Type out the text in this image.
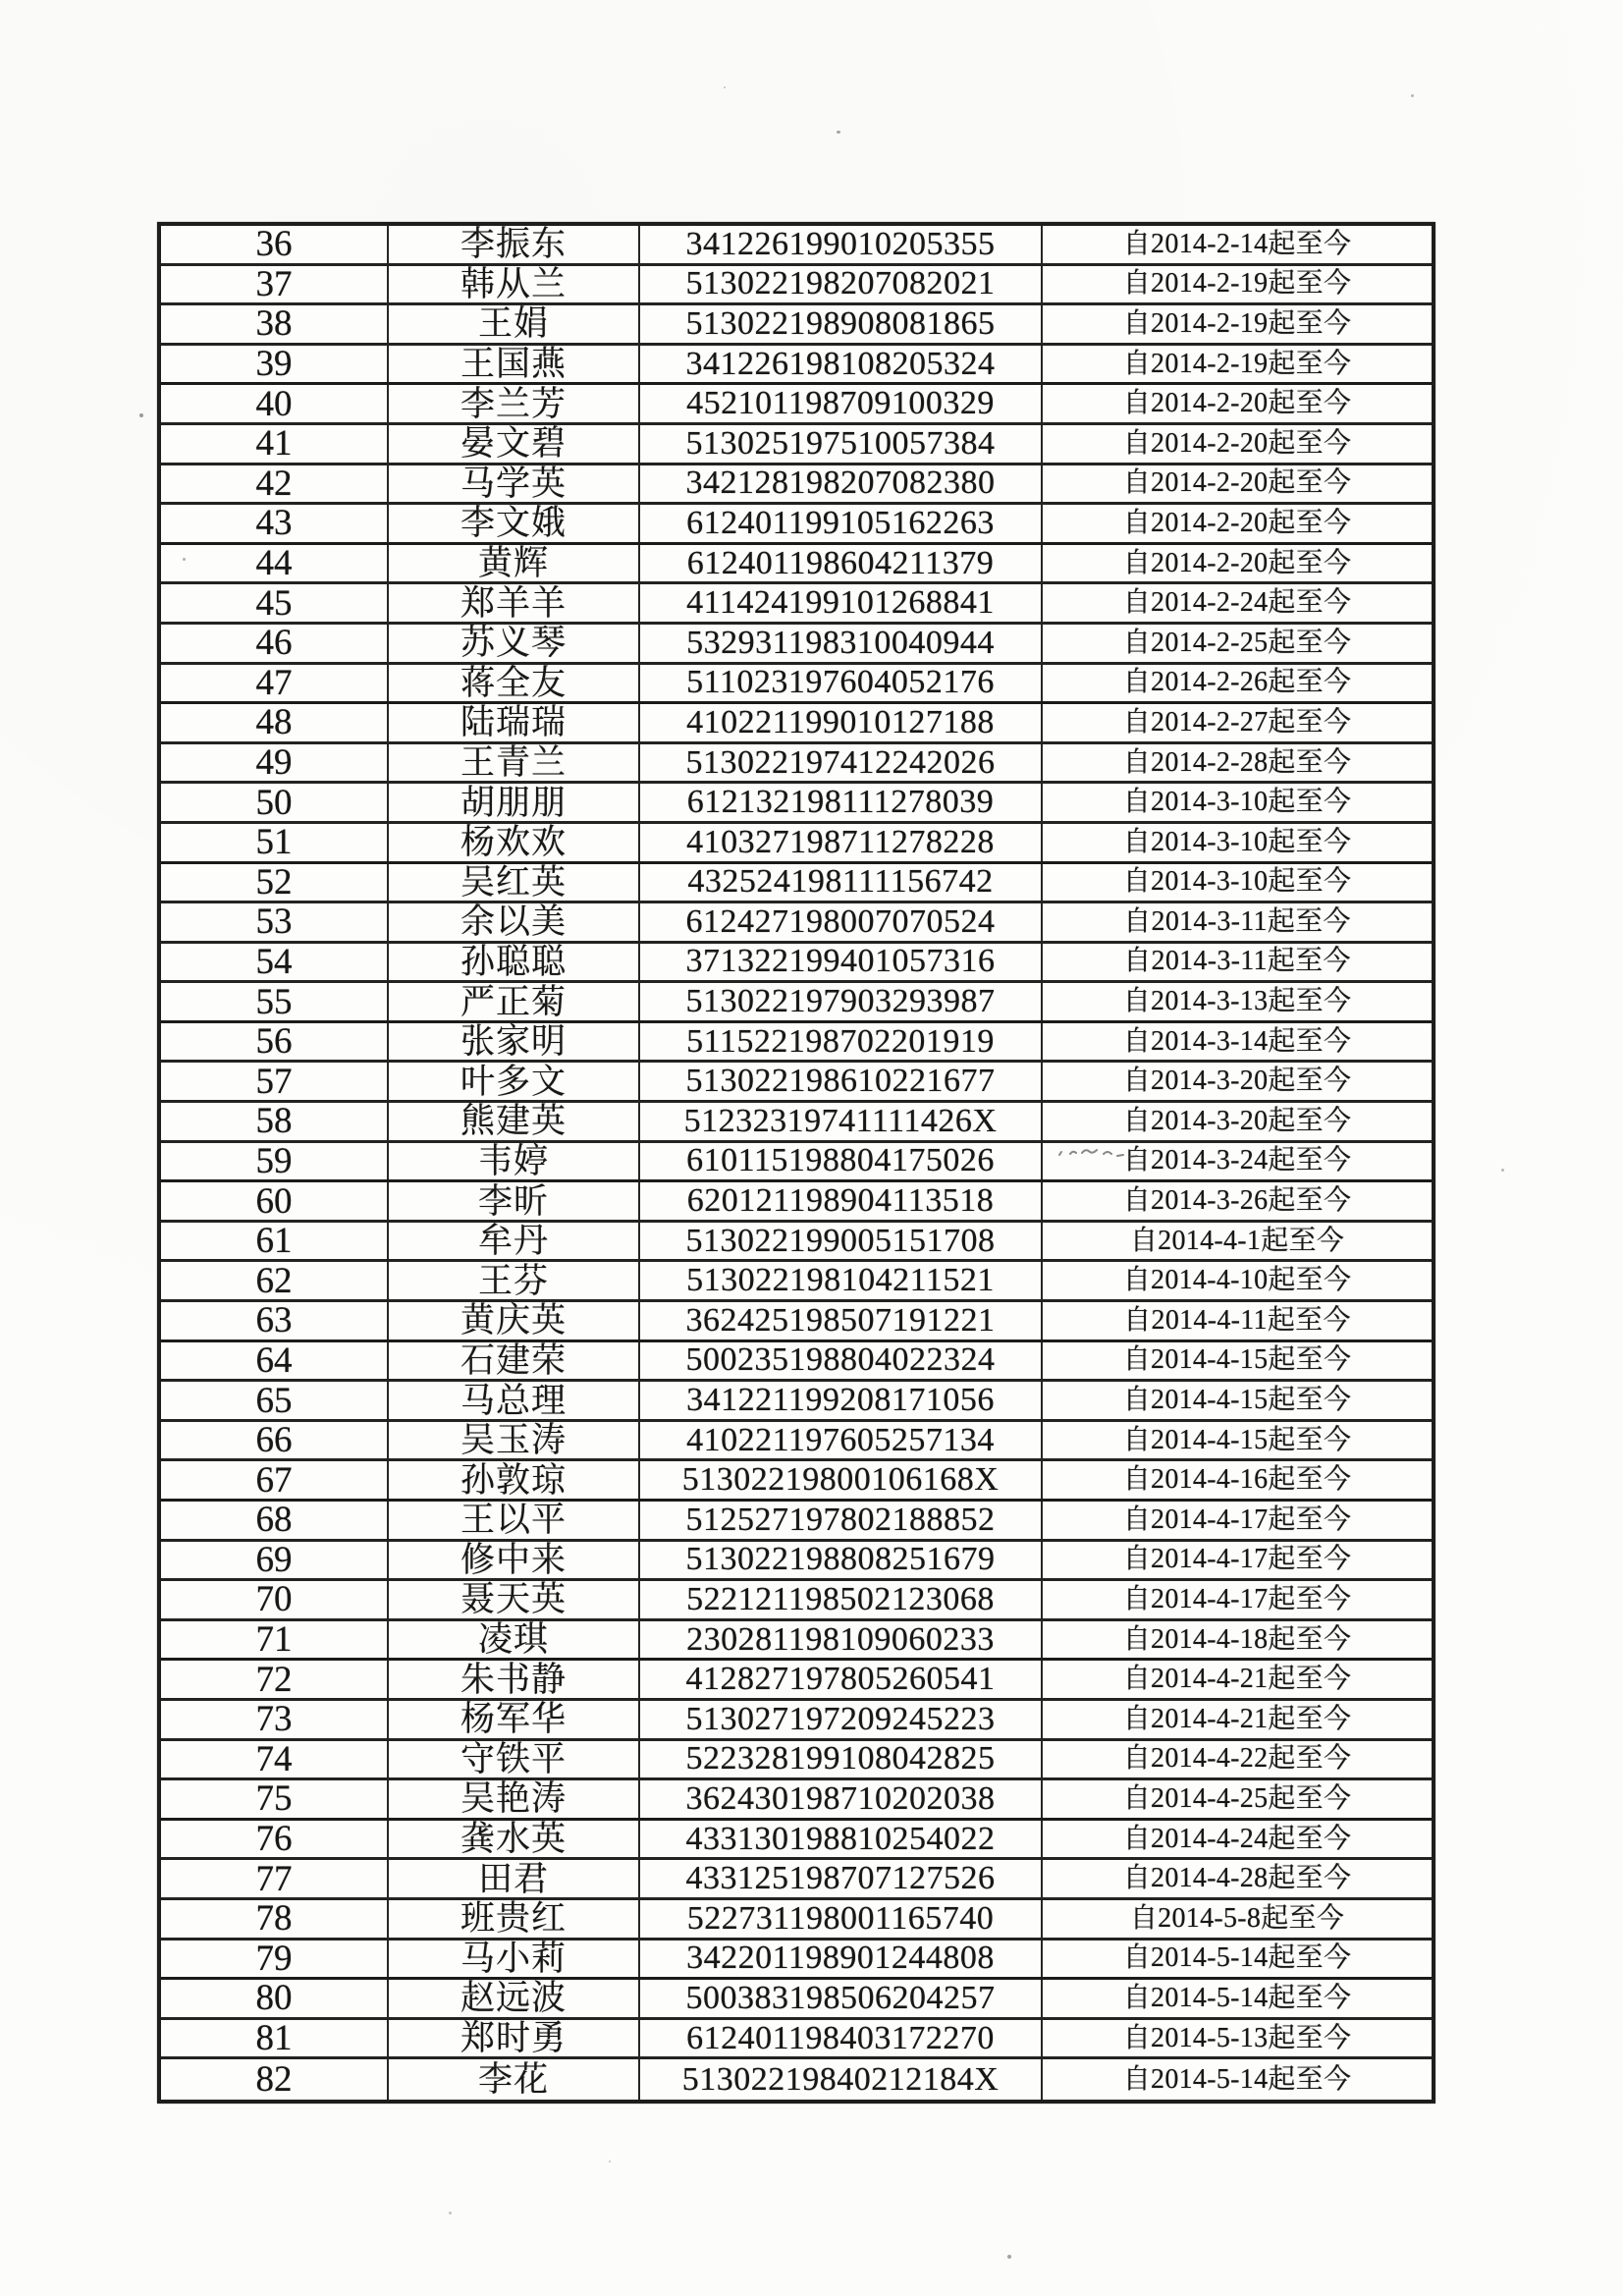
36	李振东	341226199010205355	自2014-2-14起至今
37	韩从兰	513022198207082021	自2014-2-19起至今
38	王娟	513022198908081865	自2014-2-19起至今
39	王国燕	341226198108205324	自2014-2-19起至今
40	李兰芳	452101198709100329	自2014-2-20起至今
41	晏文碧	513025197510057384	自2014-2-20起至今
42	马学英	342128198207082380	自2014-2-20起至今
43	李文娥	612401199105162263	自2014-2-20起至今
44	黄辉	612401198604211379	自2014-2-20起至今
45	郑羊羊	411424199101268841	自2014-2-24起至今
46	苏义琴	532931198310040944	自2014-2-25起至今
47	蒋全友	511023197604052176	自2014-2-26起至今
48	陆瑞瑞	410221199010127188	自2014-2-27起至今
49	王青兰	513022197412242026	自2014-2-28起至今
50	胡朋朋	612132198111278039	自2014-3-10起至今
51	杨欢欢	410327198711278228	自2014-3-10起至今
52	吴红英	432524198111156742	自2014-3-10起至今
53	余以美	612427198007070524	自2014-3-11起至今
54	孙聪聪	371322199401057316	自2014-3-11起至今
55	严正菊	513022197903293987	自2014-3-13起至今
56	张家明	511522198702201919	自2014-3-14起至今
57	叶多文	513022198610221677	自2014-3-20起至今
58	熊建英	51232319741111426X	自2014-3-20起至今
59	韦婷	610115198804175026	自2014-3-24起至今
60	李昕	620121198904113518	自2014-3-26起至今
61	牟丹	513022199005151708	自2014-4-1起至今
62	王芬	513022198104211521	自2014-4-10起至今
63	黄庆英	362425198507191221	自2014-4-11起至今
64	石建荣	500235198804022324	自2014-4-15起至今
65	马总理	341221199208171056	自2014-4-15起至今
66	吴玉涛	410221197605257134	自2014-4-15起至今
67	孙敦琼	51302219800106168X	自2014-4-16起至今
68	王以平	512527197802188852	自2014-4-17起至今
69	修中来	513022198808251679	自2014-4-17起至今
70	聂天英	522121198502123068	自2014-4-17起至今
71	凌琪	230281198109060233	自2014-4-18起至今
72	朱书静	412827197805260541	自2014-4-21起至今
73	杨军华	513027197209245223	自2014-4-21起至今
74	守铁平	522328199108042825	自2014-4-22起至今
75	吴艳涛	362430198710202038	自2014-4-25起至今
76	龚水英	433130198810254022	自2014-4-24起至今
77	田君	433125198707127526	自2014-4-28起至今
78	班贵红	522731198001165740	自2014-5-8起至今
79	马小莉	342201198901244808	自2014-5-14起至今
80	赵远波	500383198506204257	自2014-5-14起至今
81	郑时勇	612401198403172270	自2014-5-13起至今
82	李花	51302219840212184X	自2014-5-14起至今
